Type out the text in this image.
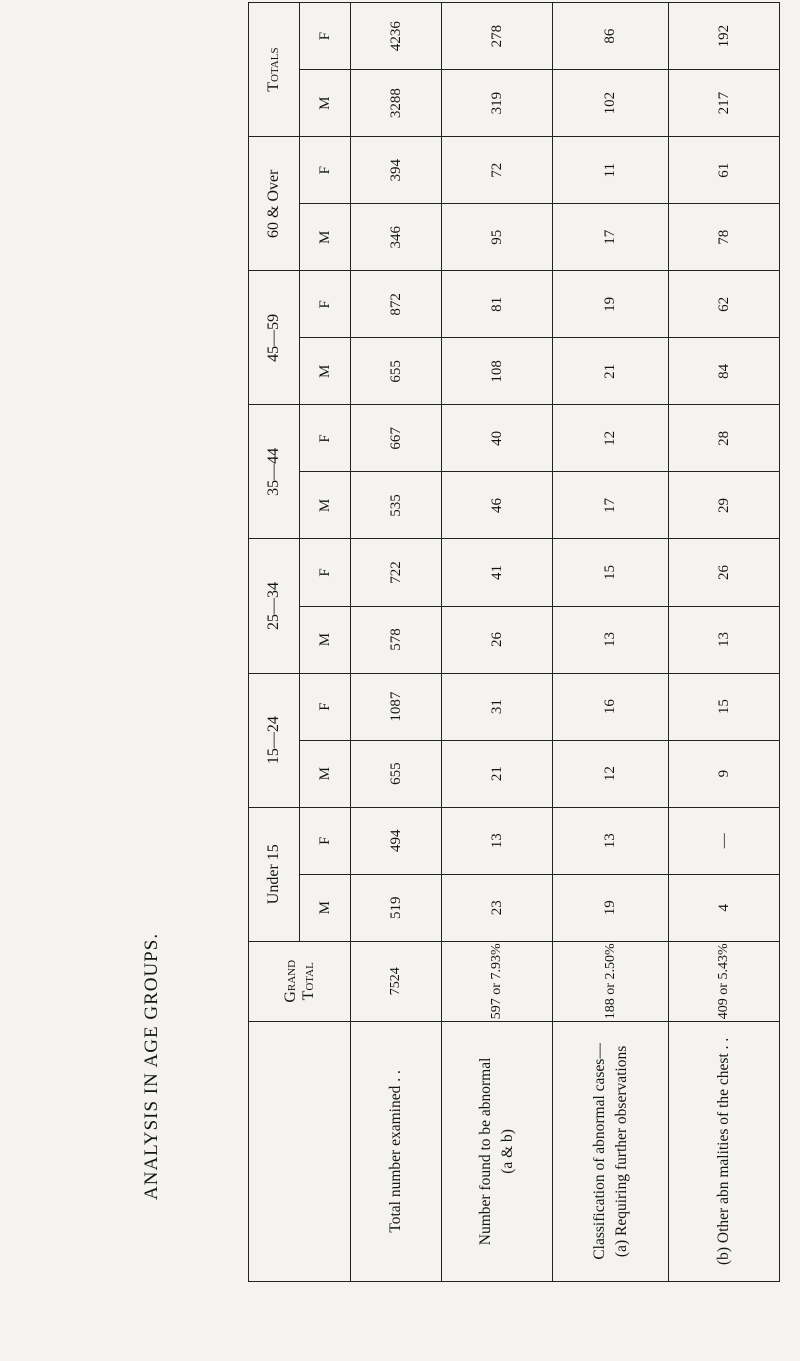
ANALYSIS IN AGE GROUPS.
		Grand Total	Under 15		15—24		25—34		35—44		45—59		60 & Over		Totals	
		M	F	M	F	M	F	M	F	M	F	M	F	M	F
Total number examined . .	7524	519	494	655	1087	578	722	535	667	655	872	346	394	3288	4236
Number found to be abnormal (a & b)	597 or 7.93%	23	13	21	31	26	41	46	40	108	81	95	72	319	278
Classification of abnormal cases— (a) Requiring further observations	188 or 2.50%	19	13	12	16	13	15	17	12	21	19	17	11	102	86
(b) Other abn malities of the chest . .	409 or 5.43%	4	—	9	15	13	26	29	28	84	62	78	61	217	192
